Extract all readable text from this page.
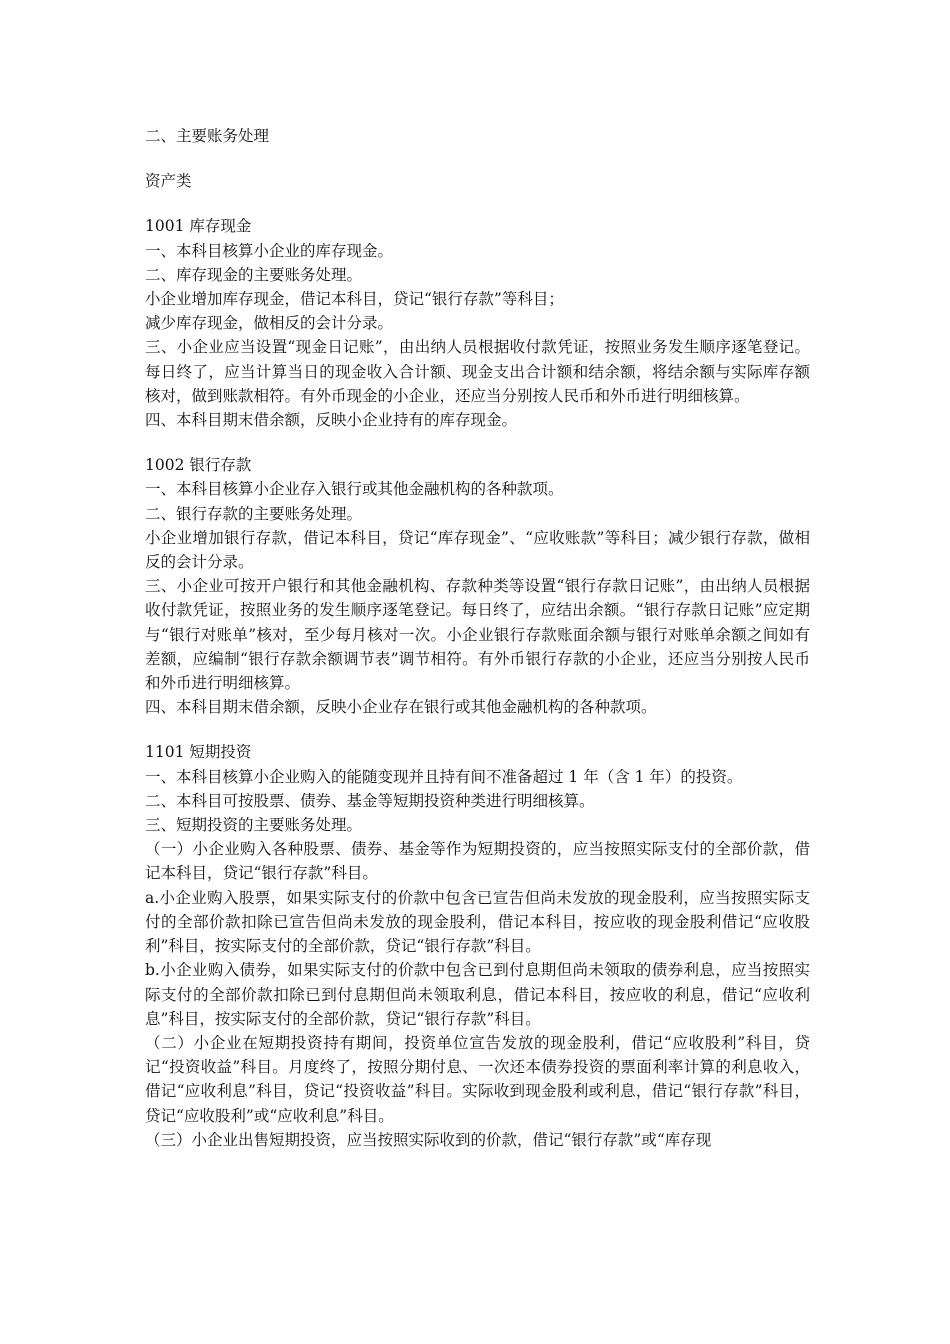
二、主要账务处理

资产类

1001 库存现金

一、本科目核算小企业的库存现金。

二、库存现金的主要账务处理。

小企业增加库存现金，借记本科目，贷记“银行存款”等科目；

减少库存现金，做相反的会计分录。

三、小企业应当设置“现金日记账”，由出纳人员根据收付款凭证，按照业务发生顺序逐笔登记。每日终了，应当计算当日的现金收入合计额、现金支出合计额和结余额，将结余额与实际库存额核对，做到账款相符。有外币现金的小企业，还应当分别按人民币和外币进行明细核算。

四、本科目期末借余额，反映小企业持有的库存现金。

1002 银行存款

一、本科目核算小企业存入银行或其他金融机构的各种款项。

二、银行存款的主要账务处理。

小企业增加银行存款，借记本科目，贷记“库存现金”、“应收账款”等科目；减少银行存款，做相反的会计分录。

三、小企业可按开户银行和其他金融机构、存款种类等设置“银行存款日记账”，由出纳人员根据收付款凭证，按照业务的发生顺序逐笔登记。每日终了，应结出余额。“银行存款日记账”应定期与“银行对账单”核对，至少每月核对一次。小企业银行存款账面余额与银行对账单余额之间如有差额，应编制“银行存款余额调节表”调节相符。有外币银行存款的小企业，还应当分别按人民币和外币进行明细核算。

四、本科目期末借余额，反映小企业存在银行或其他金融机构的各种款项。

1101 短期投资

一、本科目核算小企业购入的能随变现并且持有间不准备超过 1 年（含 1 年）的投资。

二、本科目可按股票、债券、基金等短期投资种类进行明细核算。

三、短期投资的主要账务处理。

（一）小企业购入各种股票、债券、基金等作为短期投资的，应当按照实际支付的全部价款，借记本科目，贷记“银行存款”科目。

a.小企业购入股票，如果实际支付的价款中包含已宣告但尚未发放的现金股利，应当按照实际支付的全部价款扣除已宣告但尚未发放的现金股利，借记本科目，按应收的现金股利借记“应收股利”科目，按实际支付的全部价款，贷记“银行存款”科目。

b.小企业购入债券，如果实际支付的价款中包含已到付息期但尚未领取的债券利息，应当按照实际支付的全部价款扣除已到付息期但尚未领取利息，借记本科目，按应收的利息，借记“应收利息”科目，按实际支付的全部价款，贷记“银行存款”科目。

（二）小企业在短期投资持有期间，投资单位宣告发放的现金股利，借记“应收股利”科目，贷记“投资收益”科目。月度终了，按照分期付息、一次还本债券投资的票面利率计算的利息收入，借记“应收利息”科目，贷记“投资收益”科目。实际收到现金股利或利息，借记“银行存款”科目，贷记“应收股利”或“应收利息”科目。

（三）小企业出售短期投资，应当按照实际收到的价款，借记“银行存款”或“库存现
